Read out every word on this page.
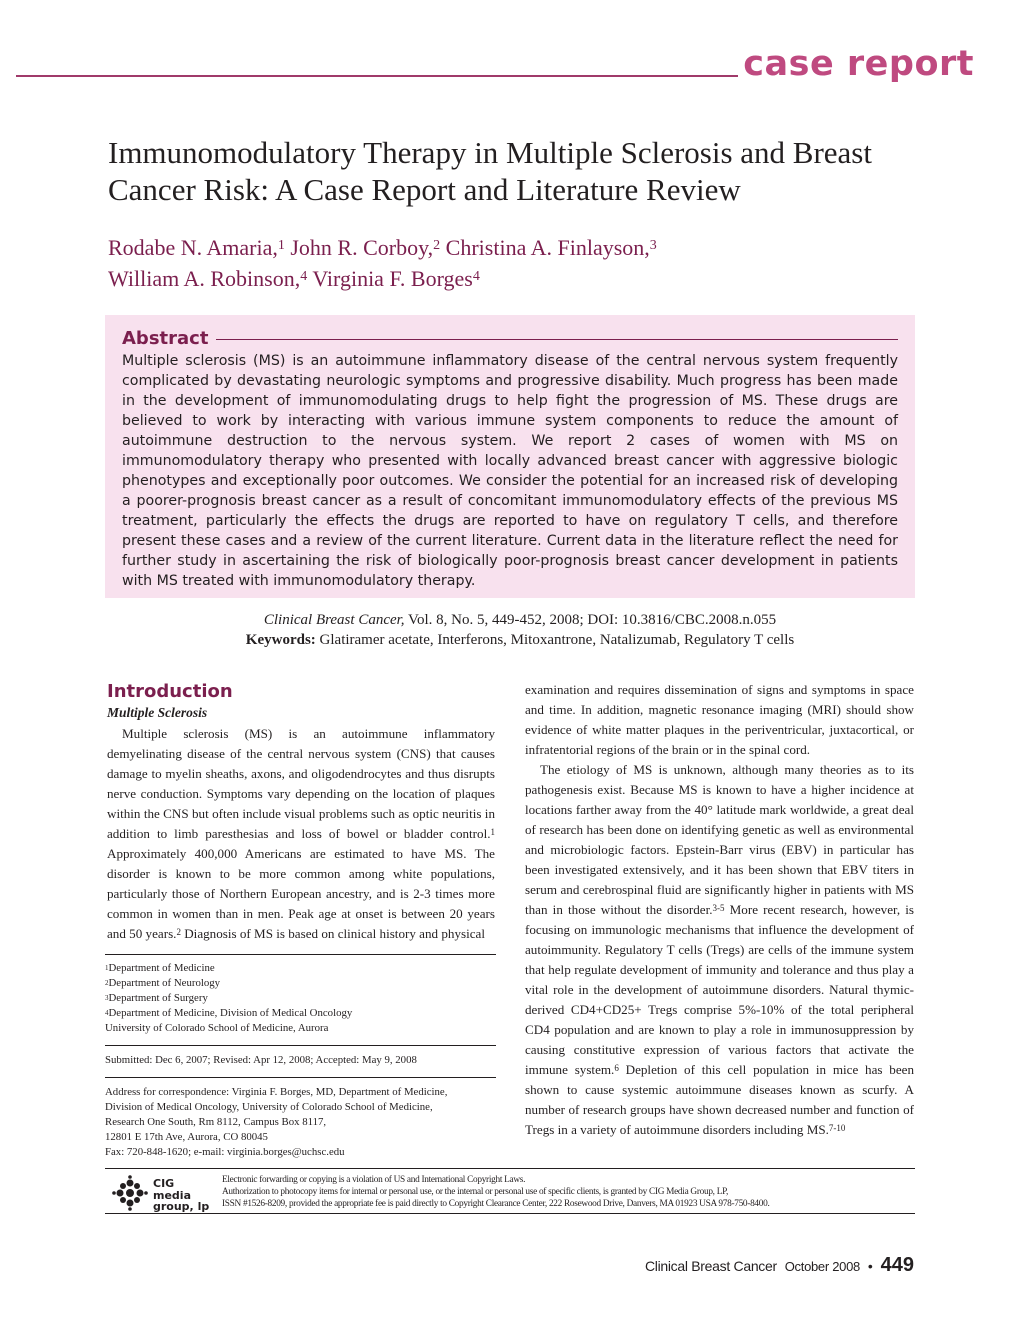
case report
Immunomodulatory Therapy in Multiple Sclerosis and Breast Cancer Risk: A Case Report and Literature Review
Rodabe N. Amaria,$^1$ John R. Corboy,$^2$ Christina A. Finlayson,$^3$
William A. Robinson,$^4$ Virginia F. Borges$^4$
Abstract

Multiple sclerosis (MS) is an autoimmune inflammatory disease of the central nervous system frequently complicated by devastating neurologic symptoms and progressive disability. Much progress has been made in the development of immunomodulating drugs to help fight the progression of MS. These drugs are believed to work by interacting with various immune system components to reduce the amount of autoimmune destruction to the nervous system. We report 2 cases of women with MS on immunomodulatory therapy who presented with locally advanced breast cancer with aggressive biologic phenotypes and exceptionally poor outcomes. We consider the potential for an increased risk of developing a poorer-prognosis breast cancer as a result of concomitant immunomodulatory effects of the previous MS treatment, particularly the effects the drugs are reported to have on regulatory T cells, and therefore present these cases and a review of the current literature. Current data in the literature reflect the need for further study in ascertaining the risk of biologically poor-prognosis breast cancer development in patients with MS treated with immunomodulatory therapy.

Clinical Breast Cancer, Vol. 8, No. 5, 449-452, 2008; DOI: 10.3816/CBC.2008.n.055
Keywords: Glatiramer acetate, Interferons, Mitoxantrone, Natalizumab, Regulatory T cells
Introduction
Multiple Sclerosis

Multiple sclerosis (MS) is an autoimmune inflammatory demyelinating disease of the central nervous system (CNS) that causes damage to myelin sheaths, axons, and oligodendrocytes and thus disrupts nerve conduction. Symptoms vary depending on the location of plaques within the CNS but often include visual problems such as optic neuritis in addition to limb paresthesias and loss of bowel or bladder control.$^1$ Approximately 400,000 Americans are estimated to have MS. The disorder is known to be more common among white populations, particularly those of Northern European ancestry, and is 2-3 times more common in women than in men. Peak age at onset is between 20 years and 50 years.$^2$ Diagnosis of MS is based on clinical history and physical

examination and requires dissemination of signs and symptoms in space and time. In addition, magnetic resonance imaging (MRI) should show evidence of white matter plaques in the periventricular, juxtacortical, or infratentorial regions of the brain or in the spinal cord.

The etiology of MS is unknown, although many theories as to its pathogenesis exist. Because MS is known to have a higher incidence at locations farther away from the 40° latitude mark worldwide, a great deal of research has been done on identifying genetic as well as environmental and microbiologic factors. Epstein-Barr virus (EBV) in particular has been investigated extensively, and it has been shown that EBV titers in serum and cerebrospinal fluid are significantly higher in patients with MS than in those without the disorder.$^{3-5}$ More recent research, however, is focusing on immunologic mechanisms that influence the development of autoimmunity. Regulatory T cells (Tregs) are cells of the immune system that help regulate development of immunity and tolerance and thus play a vital role in the development of autoimmune disorders. Natural thymic-derived CD4+CD25+ Tregs comprise 5%-10% of the total peripheral CD4 population and are known to play a role in immunosuppression by causing constitutive expression of various factors that activate the immune system.$^6$ Depletion of this cell population in mice has been shown to cause systemic autoimmune diseases known as scurfy. A number of research groups have shown decreased number and function of Tregs in a variety of autoimmune disorders including MS.$^{7-10}$

$^1$Department of Medicine
$^2$Department of Neurology
$^3$Department of Surgery
$^4$Department of Medicine, Division of Medical Oncology
University of Colorado School of Medicine, Aurora
Submitted: Dec 6, 2007; Revised: Apr 12, 2008; Accepted: May 9, 2008
Address for correspondence: Virginia F. Borges, MD, Department of Medicine,
Division of Medical Oncology, University of Colorado School of Medicine,
Research One South, Rm 8112, Campus Box 8117,
12801 E 17th Ave, Aurora, CO 80045
Fax: 720-848-1620; e-mail: virginia.borges@uchsc.edu
CIG
media
group, lp
Electronic forwarding or copying is a violation of US and International Copyright Laws.
Authorization to photocopy items for internal or personal use, or the internal or personal use of specific clients, is granted by CIG Media Group, LP,
ISSN #1526-8209, provided the appropriate fee is paid directly to Copyright Clearance Center, 222 Rosewood Drive, Danvers, MA 01923 USA 978-750-8400.
Clinical Breast Cancer October 2008 • 449
